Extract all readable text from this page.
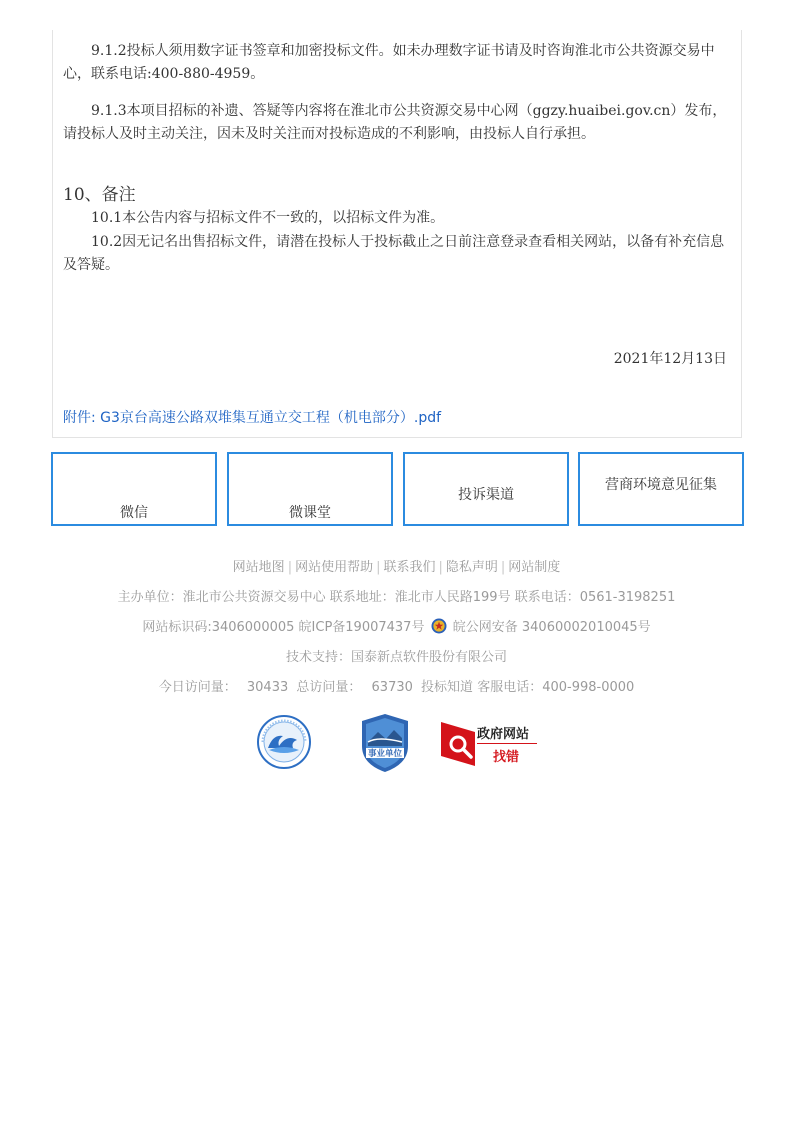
9.1.2投标人须用数字证书签章和加密投标文件。如未办理数字证书请及时咨询淮北市公共资源交易中心，联系电话:400-880-4959。
9.1.3本项目招标的补遗、答疑等内容将在淮北市公共资源交易中心网（ggzy.huaibei.gov.cn）发布，请投标人及时主动关注，因未及时关注而对投标造成的不利影响，由投标人自行承担。
10、备注
10.1本公告内容与招标文件不一致的，以招标文件为准。
10.2因无记名出售招标文件，请潜在投标人于投标截止之日前注意登录查看相关网站，以备有补充信息及答疑。
2021年12月13日
附件: G3京台高速公路双堆集互通立交工程（机电部分）.pdf
微信	微课堂
投诉渠道
营商环境意见征集
网站地图 | 网站使用帮助 | 联系我们 | 隐私声明 | 网站制度
主办单位：淮北市公共资源交易中心 联系地址：淮北市人民路199号 联系电话：0561-3198251
网站标识码:3406000005 皖ICP备19007437号 皖公网安备 34060002010045号
技术支持：国泰新点软件股份有限公司
今日访问量： 30433 总访问量： 63730 投标知道 客服电话：400-998-0000
事业单位
政府网站
找错
